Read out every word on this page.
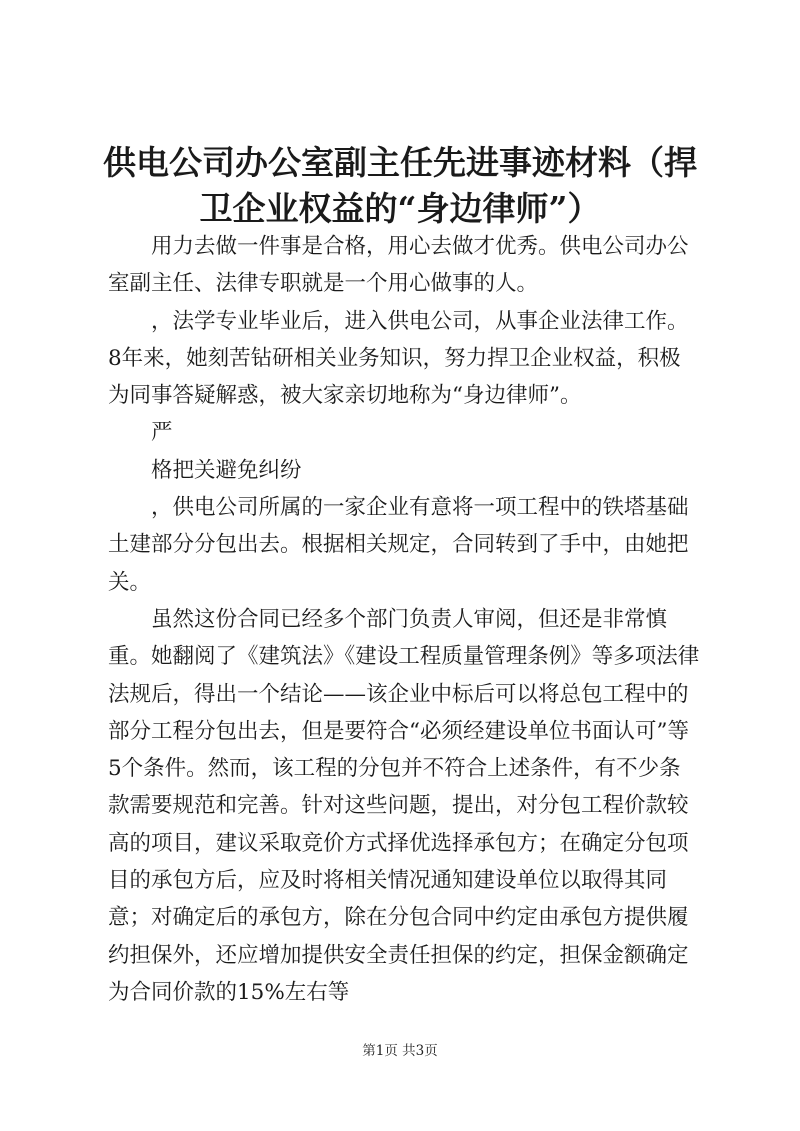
供电公司办公室副主任先进事迹材料（捍卫企业权益的“身边律师”）

用力去做一件事是合格，用心去做才优秀。供电公司办公室副主任、法律专职就是一个用心做事的人。

，法学专业毕业后，进入供电公司，从事企业法律工作。8年来，她刻苦钻研相关业务知识，努力捍卫企业权益，积极为同事答疑解惑，被大家亲切地称为“身边律师”。

严

格把关避免纠纷

，供电公司所属的一家企业有意将一项工程中的铁塔基础土建部分分包出去。根据相关规定，合同转到了手中，由她把关。

虽然这份合同已经多个部门负责人审阅，但还是非常慎重。她翻阅了《建筑法》《建设工程质量管理条例》等多项法律法规后，得出一个结论——该企业中标后可以将总包工程中的部分工程分包出去，但是要符合“必须经建设单位书面认可”等5个条件。然而，该工程的分包并不符合上述条件，有不少条款需要规范和完善。针对这些问题，提出，对分包工程价款较高的项目，建议采取竞价方式择优选择承包方；在确定分包项目的承包方后，应及时将相关情况通知建设单位以取得其同意；对确定后的承包方，除在分包合同中约定由承包方提供履约担保外，还应增加提供安全责任担保的约定，担保金额确定为合同价款的15%左右等

第1页 共3页
